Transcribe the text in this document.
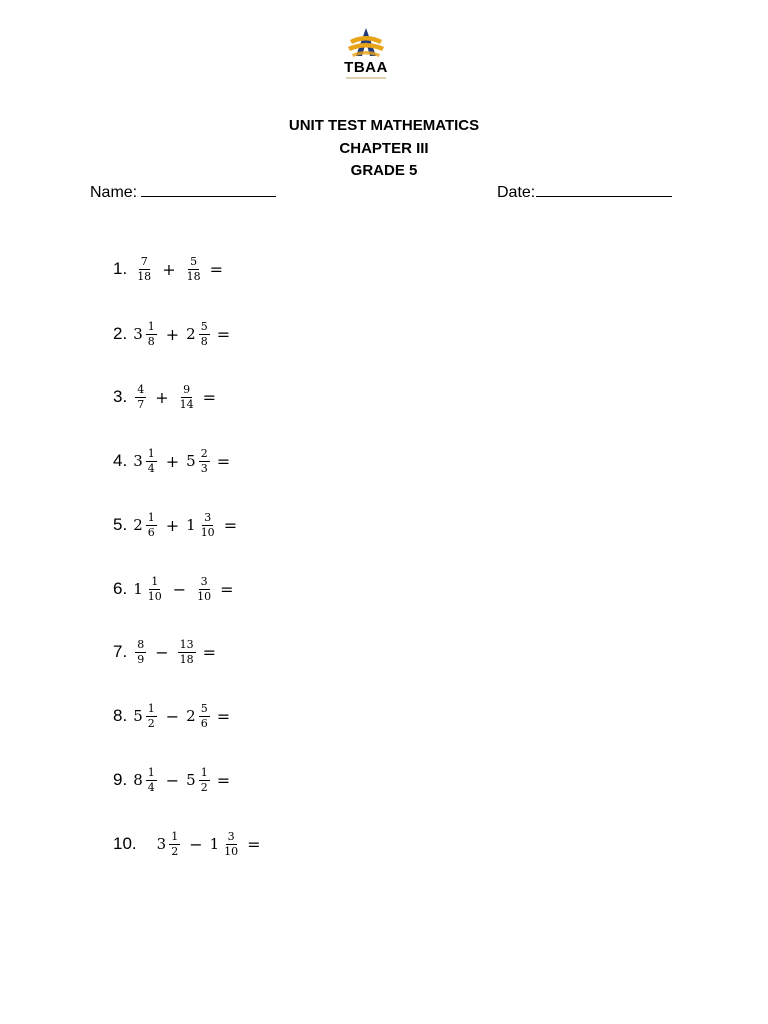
TBAA
UNIT TEST MATHEMATICS
CHAPTER III
GRADE 5
Name:	Date:
1. $\frac{7}{18} + \frac{5}{18}$ =
2. $3 \frac{1}{8} + 2 \frac{5}{8}$ =
3. $\frac{4}{7} + \frac{9}{14}$ =
4. $3 \frac{1}{4} + 5 \frac{2}{3}$ =
5. $2 \frac{1}{6} + 1 \frac{3}{10}$ =
6. $1 \frac{1}{10} - \frac{3}{10}$ =
7. $\frac{8}{9} - \frac{13}{18}$ =
8. $5 \frac{1}{2} - 2 \frac{5}{6}$ =
9. $8 \frac{1}{4} - 5 \frac{1}{2}$ =
10. $3 \frac{1}{2} - 1 \frac{3}{10}$ =
